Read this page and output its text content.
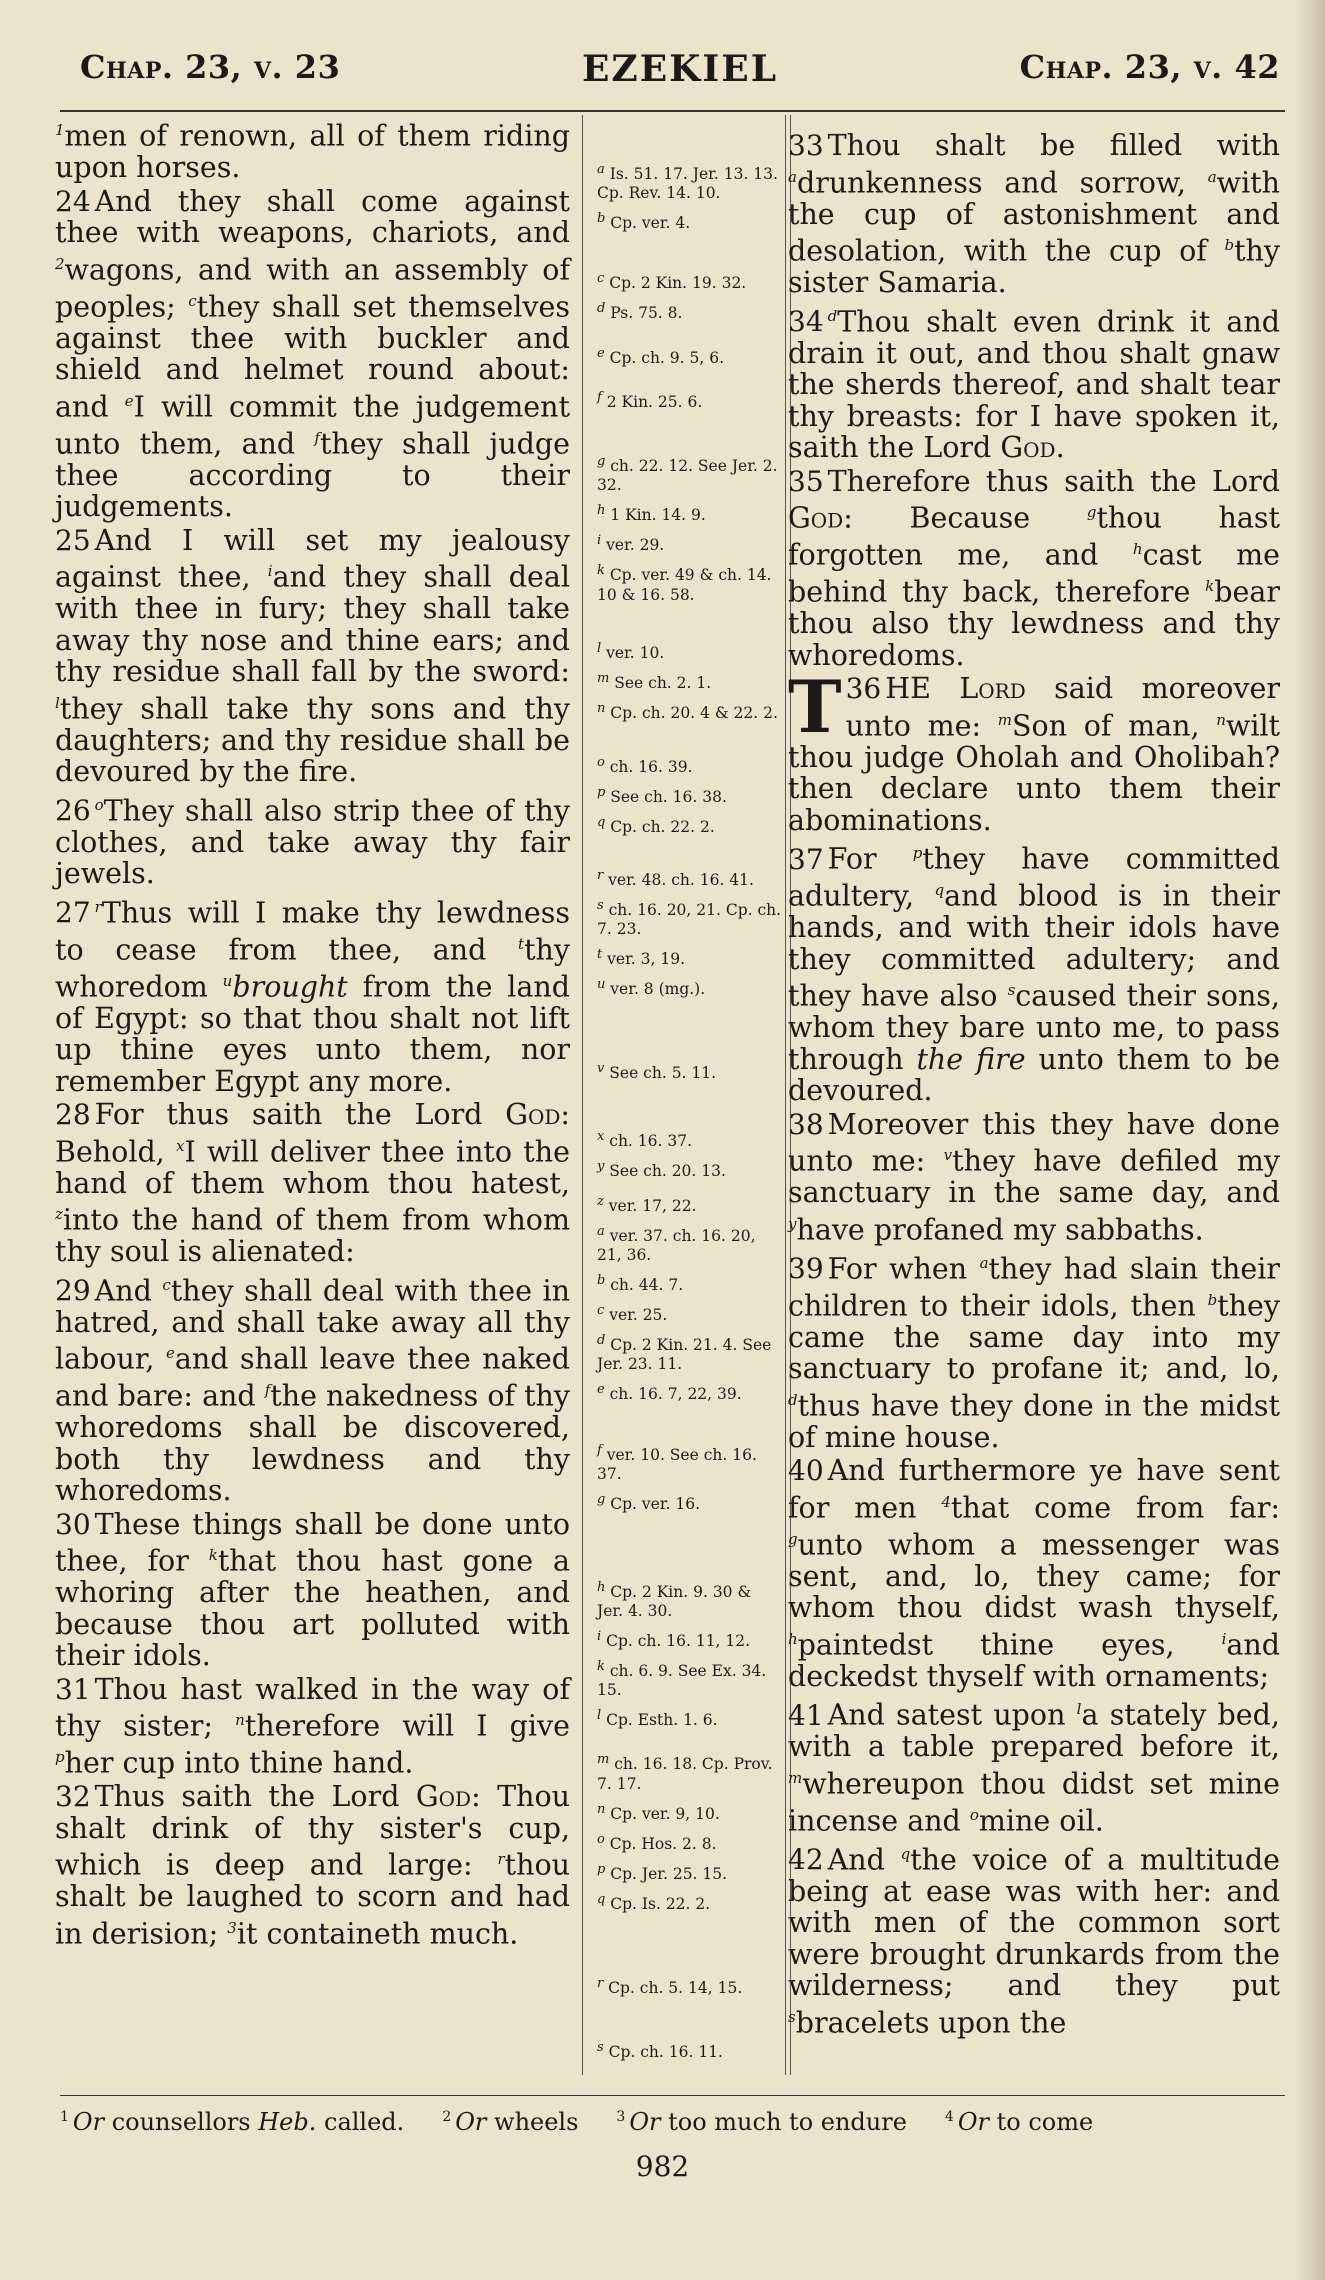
Chap. 23, v. 23	EZEKIEL	Chap. 23, v. 42

$^1$men of renown, all of them riding upon horses.

24 And they shall come against thee with weapons, chariots, and $^2$wagons, and with an assembly of peoples; $^c$they shall set themselves against thee with buckler and shield and helmet round about: and $^e$I will commit the judgement unto them, and $^f$they shall judge thee according to their judgements.

25 And I will set my jealousy against thee, $^i$and they shall deal with thee in fury; they shall take away thy nose and thine ears; and thy residue shall fall by the sword: $^l$they shall take thy sons and thy daughters; and thy residue shall be devoured by the fire.

26 $^o$They shall also strip thee of thy clothes, and take away thy fair jewels.

27 $^r$Thus will I make thy lewdness to cease from thee, and $^t$thy whoredom $^u$brought from the land of Egypt: so that thou shalt not lift up thine eyes unto them, nor remember Egypt any more.

28 For thus saith the Lord God: Behold, $^x$I will deliver thee into the hand of them whom thou hatest, $^z$into the hand of them from whom thy soul is alienated:

29 And $^c$they shall deal with thee in hatred, and shall take away all thy labour, $^e$and shall leave thee naked and bare: and $^f$the nakedness of thy whoredoms shall be discovered, both thy lewdness and thy whoredoms.

30 These things shall be done unto thee, for $^k$that thou hast gone a whoring after the heathen, and because thou art polluted with their idols.

31 Thou hast walked in the way of thy sister; $^n$therefore will I give $^p$her cup into thine hand.

32 Thus saith the Lord God: Thou shalt drink of thy sister's cup, which is deep and large: $^r$thou shalt be laughed to scorn and had in derision; $^3$it containeth much.

$^a$ Is. 51. 17. Jer. 13. 13. Cp. Rev. 14. 10.
$^b$ Cp. ver. 4.
$^c$ Cp. 2 Kin. 19. 32.
$^d$ Ps. 75. 8.
$^e$ Cp. ch. 9. 5, 6.
$^f$ 2 Kin. 25. 6.
$^g$ ch. 22. 12. See Jer. 2. 32.
$^h$ 1 Kin. 14. 9.
$^i$ ver. 29.
$^k$ Cp. ver. 49 & ch. 14. 10 & 16. 58.
$^l$ ver. 10.
$^m$ See ch. 2. 1.
$^n$ Cp. ch. 20. 4 & 22. 2.
$^o$ ch. 16. 39.
$^p$ See ch. 16. 38.
$^q$ Cp. ch. 22. 2.
$^r$ ver. 48. ch. 16. 41.
$^s$ ch. 16. 20, 21. Cp. ch. 7. 23.
$^t$ ver. 3, 19.
$^u$ ver. 8 (mg.).
$^v$ See ch. 5. 11.
$^x$ ch. 16. 37.
$^y$ See ch. 20. 13.
$^z$ ver. 17, 22.
$^a$ ver. 37. ch. 16. 20, 21, 36.
$^b$ ch. 44. 7.
$^c$ ver. 25.
$^d$ Cp. 2 Kin. 21. 4. See Jer. 23. 11.
$^e$ ch. 16. 7, 22, 39.
$^f$ ver. 10. See ch. 16. 37.
$^g$ Cp. ver. 16.
$^h$ Cp. 2 Kin. 9. 30 & Jer. 4. 30.
$^i$ Cp. ch. 16. 11, 12.
$^k$ ch. 6. 9. See Ex. 34. 15.
$^l$ Cp. Esth. 1. 6.
$^m$ ch. 16. 18. Cp. Prov. 7. 17.
$^n$ Cp. ver. 9, 10.
$^o$ Cp. Hos. 2. 8.
$^p$ Cp. Jer. 25. 15.
$^q$ Cp. Is. 22. 2.
$^r$ Cp. ch. 5. 14, 15.
$^s$ Cp. ch. 16. 11.

33 Thou shalt be filled with $^a$drunkenness and sorrow, $^a$with the cup of astonishment and desolation, with the cup of $^b$thy sister Samaria.

34 $^d$Thou shalt even drink it and drain it out, and thou shalt gnaw the sherds thereof, and shalt tear thy breasts: for I have spoken it, saith the Lord God.

35 Therefore thus saith the Lord God: Because $^g$thou hast forgotten me, and $^h$cast me behind thy back, therefore $^k$bear thou also thy lewdness and thy whoredoms.

36
T HE Lord said moreover unto me: $^m$Son of man, $^n$wilt thou judge Oholah and Oholibah? then declare unto them their abominations.

37 For $^p$they have committed adultery, $^q$and blood is in their hands, and with their idols have they committed adultery; and they have also $^s$caused their sons, whom they bare unto me, to pass through the fire unto them to be devoured.

38 Moreover this they have done unto me: $^v$they have defiled my sanctuary in the same day, and $^y$have profaned my sabbaths.

39 For when $^a$they had slain their children to their idols, then $^b$they came the same day into my sanctuary to profane it; and, lo, $^d$thus have they done in the midst of mine house.

40 And furthermore ye have sent for men $^4$that come from far: $^g$unto whom a messenger was sent, and, lo, they came; for whom thou didst wash thyself, $^h$paintedst thine eyes, $^i$and deckedst thyself with ornaments;

41 And satest upon $^l$a stately bed, with a table prepared before it, $^m$whereupon thou didst set mine incense and $^o$mine oil.

42 And $^q$the voice of a multitude being at ease was with her: and with men of the common sort were brought drunkards from the wilderness; and they put $^s$bracelets upon the

$^1$ Or counsellors Heb. called.	$^2$ Or wheels	$^3$ Or too much to endure	$^4$ Or to come
982
